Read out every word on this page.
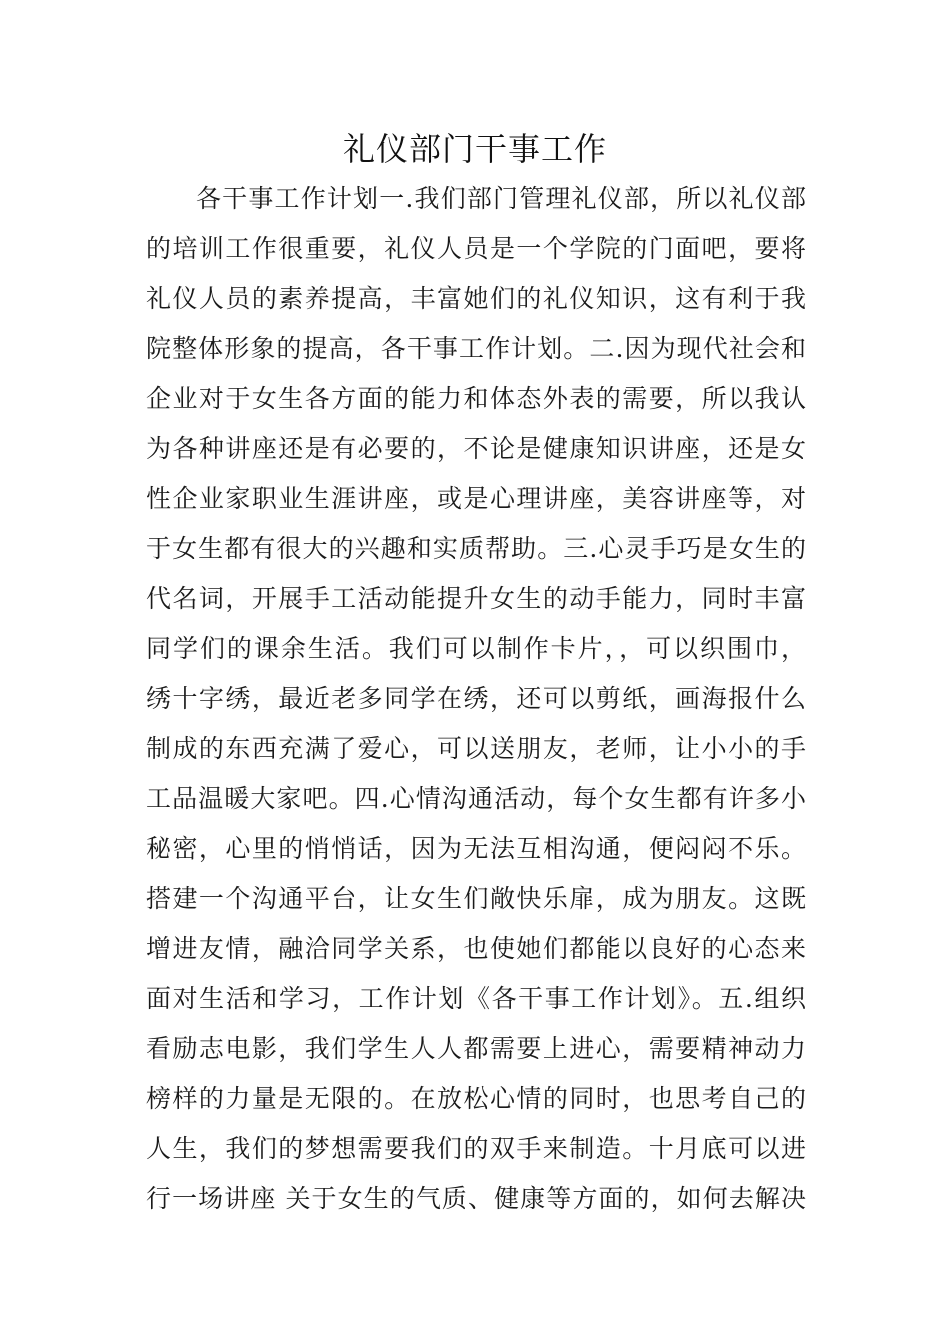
礼仪部门干事工作
各干事工作计划一.我们部门管理礼仪部，所以礼仪部
的培训工作很重要，礼仪人员是一个学院的门面吧，要将
礼仪人员的素养提高，丰富她们的礼仪知识，这有利于我
院整体形象的提高，各干事工作计划。二.因为现代社会和
企业对于女生各方面的能力和体态外表的需要，所以我认
为各种讲座还是有必要的，不论是健康知识讲座，还是女
性企业家职业生涯讲座，或是心理讲座，美容讲座等，对
于女生都有很大的兴趣和实质帮助。三.心灵手巧是女生的
代名词，开展手工活动能提升女生的动手能力，同时丰富
同学们的课余生活。我们可以制作卡片，，可以织围巾，
绣十字绣，最近老多同学在绣，还可以剪纸，画海报什么
制成的东西充满了爱心，可以送朋友，老师，让小小的手
工品温暖大家吧。四.心情沟通活动，每个女生都有许多小
秘密，心里的悄悄话，因为无法互相沟通，便闷闷不乐。
搭建一个沟通平台，让女生们敞快乐扉，成为朋友。这既
增进友情，融洽同学关系，也使她们都能以良好的心态来
面对生活和学习，工作计划《各干事工作计划》。五.组织
看励志电影，我们学生人人都需要上进心，需要精神动力
榜样的力量是无限的。在放松心情的同时，也思考自己的
人生，我们的梦想需要我们的双手来制造。十月底可以进
行一场讲座 关于女生的气质、健康等方面的，如何去解决
